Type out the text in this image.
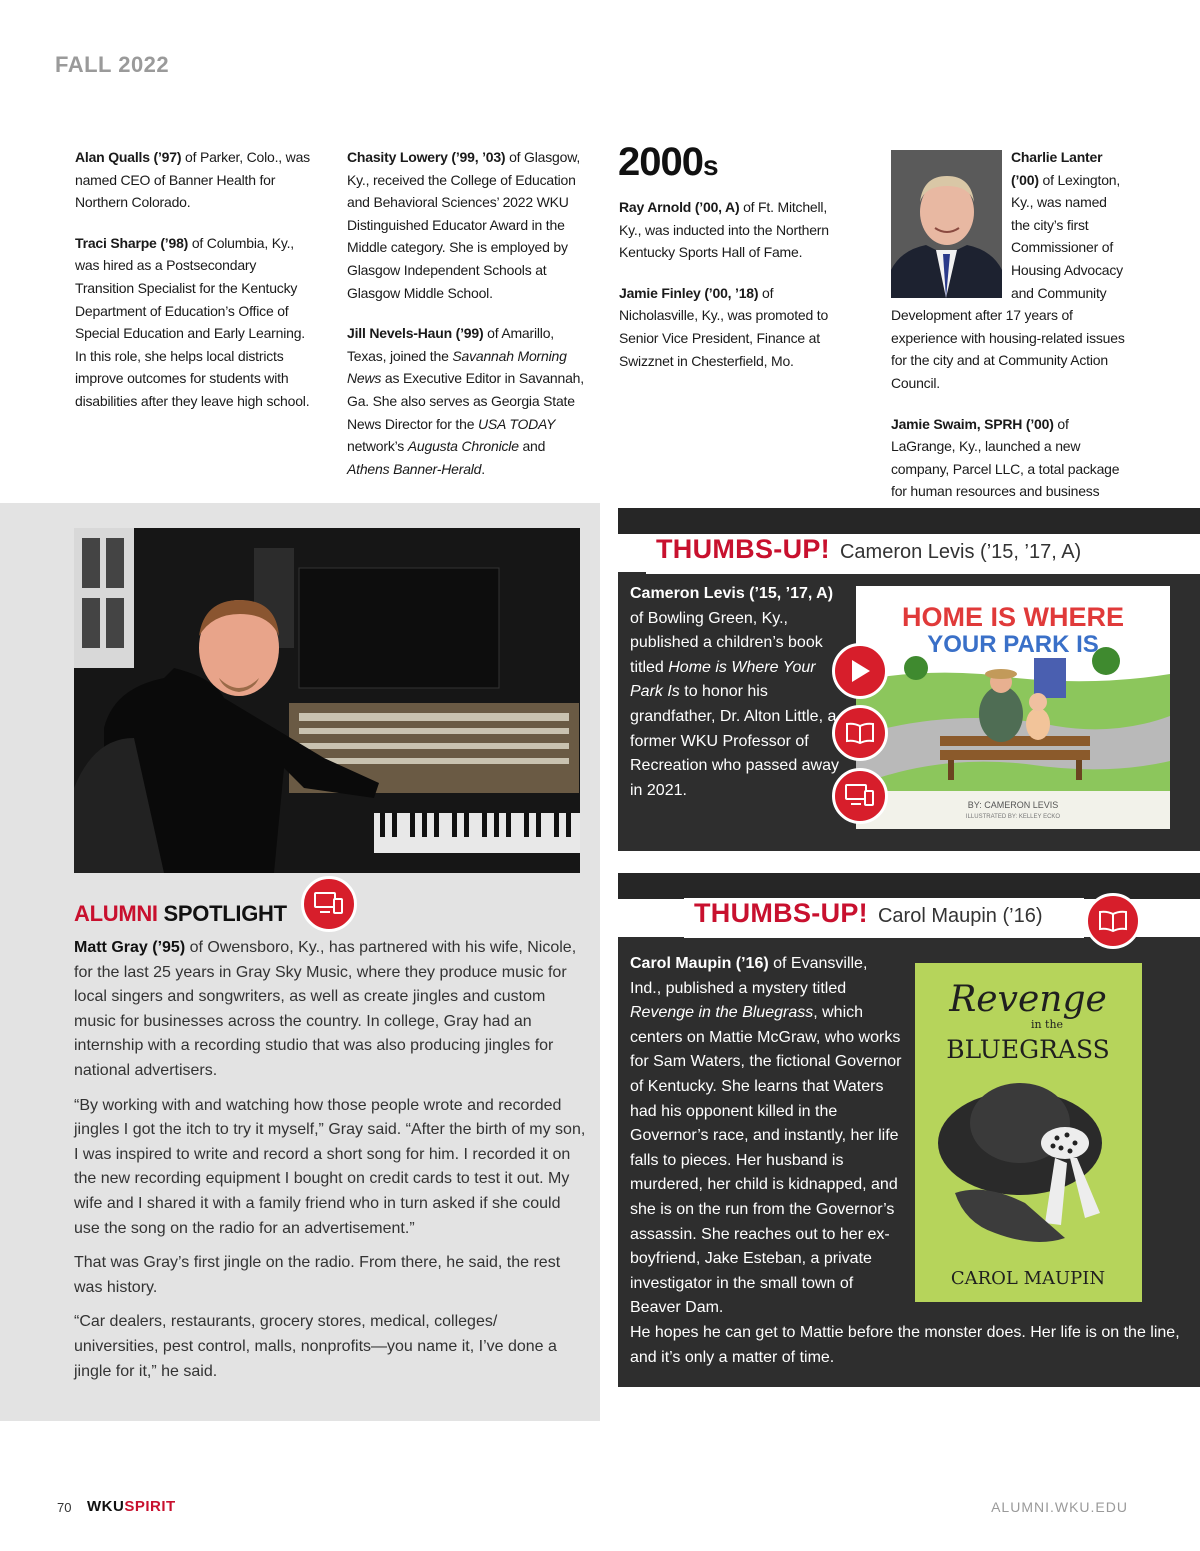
FALL 2022

Alan Qualls (’97) of Parker, Colo., was named CEO of Banner Health for Northern Colorado.

Traci Sharpe (’98) of Columbia, Ky., was hired as a Postsecondary Transition Specialist for the Kentucky Department of Education’s Office of Special Education and Early Learning. In this role, she helps local districts improve outcomes for students with disabilities after they leave high school.

Chasity Lowery (’99, ’03) of Glasgow, Ky., received the College of Education and Behavioral Sciences’ 2022 WKU Distinguished Educator Award in the Middle category. She is employed by Glasgow Independent Schools at Glasgow Middle School.

Jill Nevels-Haun (’99) of Amarillo, Texas, joined the Savannah Morning News as Executive Editor in Savannah, Ga. She also serves as Georgia State News Director for the USA TODAY network’s Augusta Chronicle and Athens Banner-Herald.

2000s

Ray Arnold (’00, A) of Ft. Mitchell, Ky., was inducted into the Northern Kentucky Sports Hall of Fame.

Jamie Finley (’00, ’18) of Nicholasville, Ky., was promoted to Senior Vice President, Finance at Swizznet in Chesterfield, Mo.

Charlie Lanter (’00) of Lexington, Ky., was named the city’s first Commissioner of Housing Advocacy and Community Development after 17 years of experience with housing-related issues for the city and at Community Action Council.

Jamie Swaim, SPRH (’00) of LaGrange, Ky., launched a new company, Parcel LLC, a total package for human resources and business

ALUMNI SPOTLIGHT

Matt Gray (’95) of Owensboro, Ky., has partnered with his wife, Nicole, for the last 25 years in Gray Sky Music, where they produce music for local singers and songwriters, as well as create jingles and custom music for businesses across the country. In college, Gray had an internship with a recording studio that was also producing jingles for national advertisers.

“By working with and watching how those people wrote and recorded jingles I got the itch to try it myself,” Gray said. “After the birth of my son, I was inspired to write and record a short song for him. I recorded it on the new recording equipment I bought on credit cards to test it out. My wife and I shared it with a family friend who in turn asked if she could use the song on the radio for an advertisement.”

That was Gray’s first jingle on the radio. From there, he said, the rest was history.

“Car dealers, restaurants, grocery stores, medical, colleges/ universities, pest control, malls, nonprofits—you name it, I’ve done a jingle for it,” he said.

Cameron Levis (’15, ’17, A) of Bowling Green, Ky., published a children’s book titled Home is Where Your Park Is to honor his grandfather, Dr. Alton Little, a former WKU Professor of Recreation who passed away in 2021.
THUMBS-UP! Cameron Levis (’15, ’17, A)
HOME IS WHERE
YOUR PARK IS
BY: CAMERON LEVIS
ILLUSTRATED BY: KELLEY ECKO
Carol Maupin (’16) of Evansville, Ind., published a mystery titled Revenge in the Bluegrass, which centers on Mattie McGraw, who works for Sam Waters, the fictional Governor of Kentucky. She learns that Waters had his opponent killed in the Governor’s race, and instantly, her life falls to pieces. Her husband is murdered, her child is kidnapped, and she is on the run from the Governor’s assassin. She reaches out to her ex-boyfriend, Jake Esteban, a private investigator in the small town of Beaver Dam.
He hopes he can get to Mattie before the monster does. Her life is on the line, and it’s only a matter of time.
THUMBS-UP! Carol Maupin (’16)
Revenge
in the
BLUEGRASS
CAROL MAUPIN
70 WKUSPIRIT	ALUMNI.WKU.EDU
